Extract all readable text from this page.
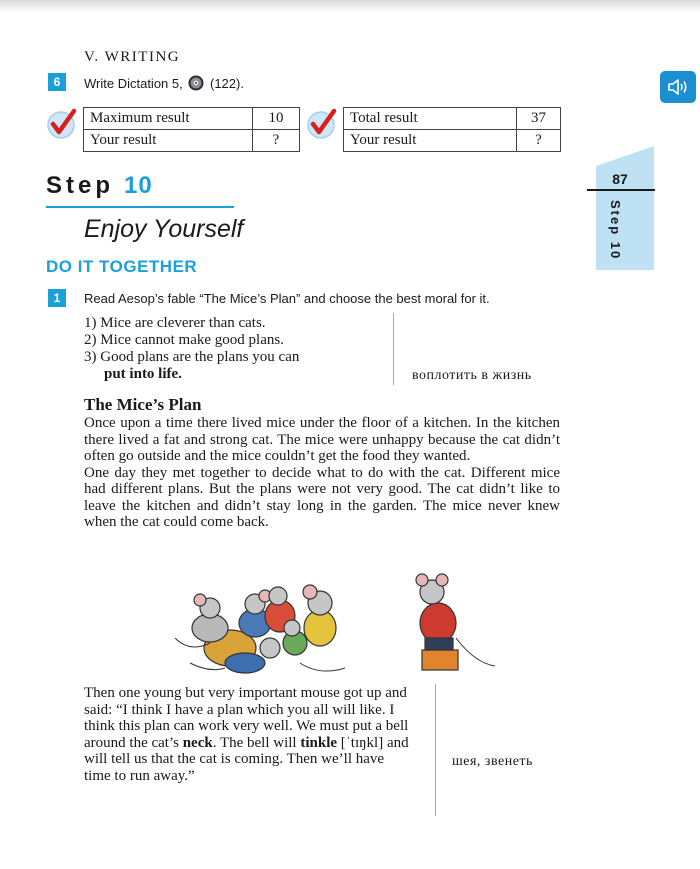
V. WRITING
6	Write Dictation 5, (122).
Maximum result	10
Your result	?
Total result	37
Your result	?
87
Step 10
Step 10
Enjoy Yourself
DO IT TOGETHER
1	Read Aesop’s fable “The Mice’s Plan” and choose the best moral for it.
1) Mice are cleverer than cats.
2) Mice cannot make good plans.
3) Good plans are the plans you can
put into life.	воплотить в жизнь
The Mice’s Plan

Once upon a time there lived mice under the floor of a kitchen. In the kitchen there lived a fat and strong cat. The mice were unhappy because the cat didn’t often go outside and the mice couldn’t get the food they wanted.

One day they met together to decide what to do with the cat. Different mice had different plans. But the plans were not very good. The cat didn’t like to leave the kitchen and didn’t stay long in the garden. The mice never knew when the cat could come back.

Then one young but very important mouse got up and said: “I think I have a plan which you all will like. I think this plan can work very well. We must put a bell around the cat’s neck. The bell will tinkle [ˈtɪŋkl] and will tell us that the cat is coming. Then we’ll have time to run away.”

шея, звенеть
